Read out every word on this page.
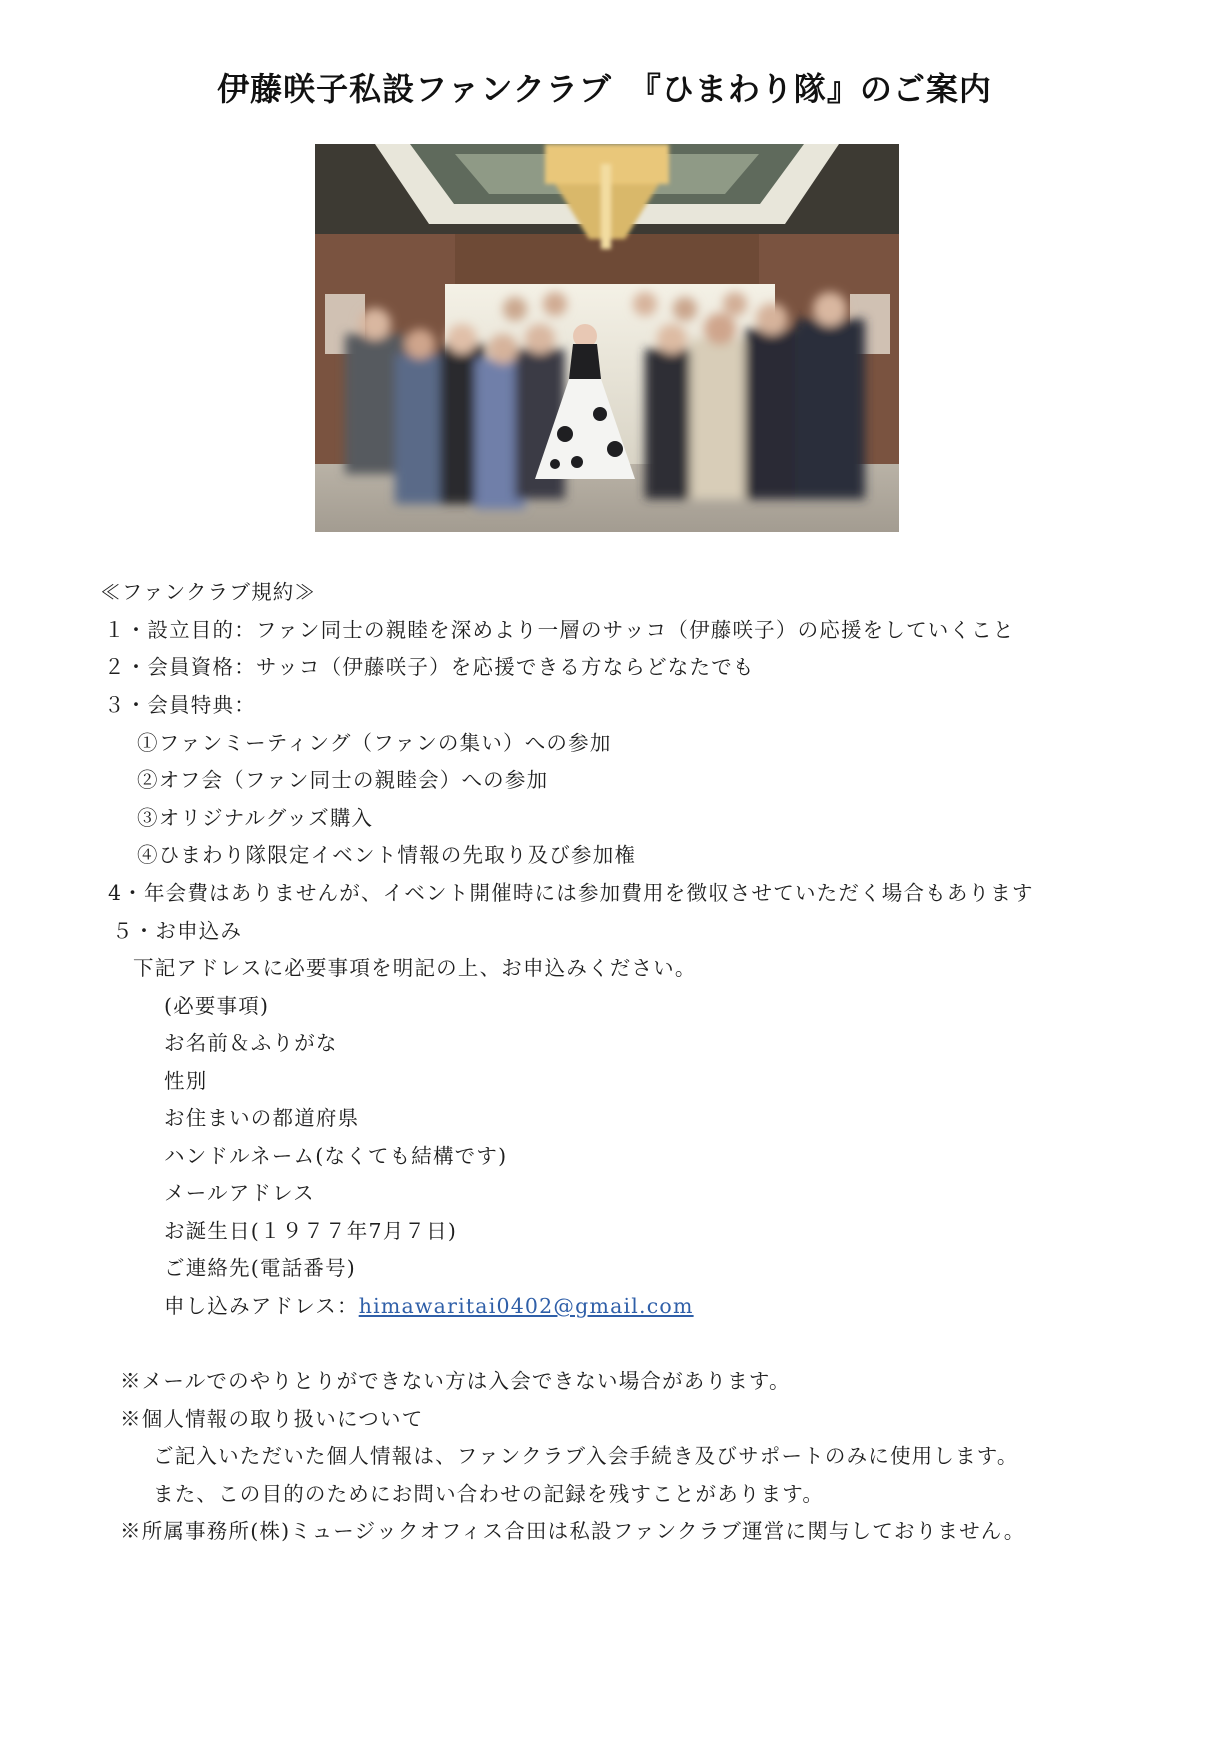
伊藤咲子私設ファンクラブ　『ひまわり隊』のご案内
≪ファンクラブ規約≫
１・設立目的：ファン同士の親睦を深めより一層のサッコ（伊藤咲子）の応援をしていくこと
２・会員資格：サッコ（伊藤咲子）を応援できる方ならどなたでも
３・会員特典：
①ファンミーティング（ファンの集い）への参加
②オフ会（ファン同士の親睦会）への参加
③オリジナルグッズ購入
④ひまわり隊限定イベント情報の先取り及び参加権
4・年会費はありませんが、イベント開催時には参加費用を徴収させていただく場合もあります
５・お申込み
下記アドレスに必要事項を明記の上、お申込みください。
(必要事項)
お名前＆ふりがな
性別
お住まいの都道府県
ハンドルネーム(なくても結構です)
メールアドレス
お誕生日(１９７７年7月７日)
ご連絡先(電話番号)
申し込みアドレス：himawaritai0402@gmail.com
※メールでのやりとりができない方は入会できない場合があります。
※個人情報の取り扱いについて
ご記入いただいた個人情報は、ファンクラブ入会手続き及びサポートのみに使用します。
また、この目的のためにお問い合わせの記録を残すことがあります。
※所属事務所(株)ミュージックオフィス合田は私設ファンクラブ運営に関与しておりません。
